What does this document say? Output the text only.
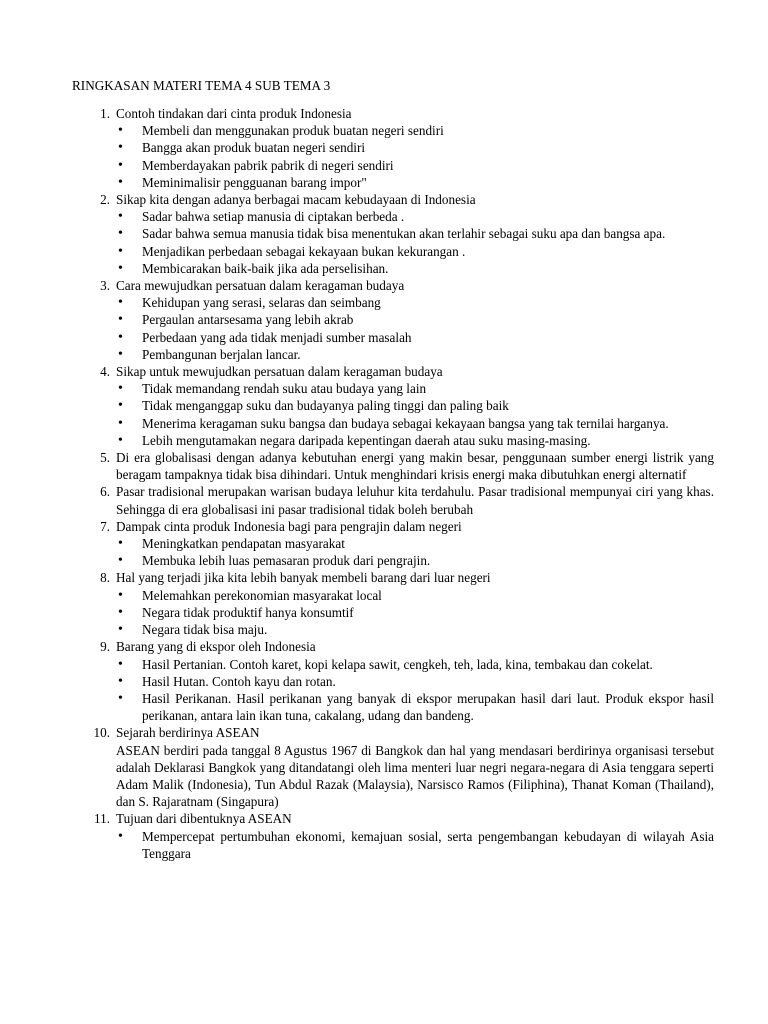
RINGKASAN MATERI TEMA 4 SUB TEMA 3
1. Contoh tindakan dari cinta produk Indonesia
• Membeli dan menggunakan produk buatan negeri sendiri
• Bangga akan produk buatan negeri sendiri
• Memberdayakan pabrik pabrik di negeri sendiri
• Meminimalisir pengguanan barang impor"
2. Sikap kita dengan adanya berbagai macam kebudayaan di Indonesia
• Sadar bahwa setiap manusia di ciptakan berbeda .
• Sadar bahwa semua manusia tidak bisa menentukan akan terlahir sebagai suku apa dan bangsa apa.
• Menjadikan perbedaan sebagai kekayaan bukan kekurangan .
• Membicarakan baik-baik jika ada perselisihan.
3. Cara mewujudkan persatuan dalam keragaman budaya
• Kehidupan yang serasi, selaras dan seimbang
• Pergaulan antarsesama yang lebih akrab
• Perbedaan yang ada tidak menjadi sumber masalah
• Pembangunan berjalan lancar.
4. Sikap untuk mewujudkan persatuan dalam keragaman budaya
• Tidak memandang rendah suku atau budaya yang lain
• Tidak menganggap suku dan budayanya paling tinggi dan paling baik
• Menerima keragaman suku bangsa dan budaya sebagai kekayaan bangsa yang tak ternilai harganya.
• Lebih mengutamakan negara daripada kepentingan daerah atau suku masing-masing.
5. Di era globalisasi dengan adanya kebutuhan energi yang makin besar, penggunaan sumber energi listrik yang beragam tampaknya tidak bisa dihindari. Untuk menghindari krisis energi maka dibutuhkan energi alternatif
6. Pasar tradisional merupakan warisan budaya leluhur kita terdahulu. Pasar tradisional mempunyai ciri yang khas. Sehingga di era globalisasi ini pasar tradisional tidak boleh berubah
7. Dampak cinta produk Indonesia bagi para pengrajin dalam negeri
• Meningkatkan pendapatan masyarakat
• Membuka lebih luas pemasaran produk dari pengrajin.
8. Hal yang terjadi jika kita lebih banyak membeli barang dari luar negeri
• Melemahkan perekonomian masyarakat local
• Negara tidak produktif hanya konsumtif
• Negara tidak bisa maju.
9. Barang yang di ekspor oleh Indonesia
• Hasil Pertanian. Contoh karet, kopi kelapa sawit, cengkeh, teh, lada, kina, tembakau dan cokelat.
• Hasil Hutan. Contoh kayu dan rotan.
• Hasil Perikanan. Hasil perikanan yang banyak di ekspor merupakan hasil dari laut. Produk ekspor hasil perikanan, antara lain ikan tuna, cakalang, udang dan bandeng.
10. Sejarah berdirinya ASEAN
ASEAN berdiri pada tanggal 8 Agustus 1967 di Bangkok dan hal yang mendasari berdirinya organisasi tersebut adalah Deklarasi Bangkok yang ditandatangi oleh lima menteri luar negri negara-negara di Asia tenggara seperti Adam Malik (Indonesia), Tun Abdul Razak (Malaysia), Narsisco Ramos (Filiphina), Thanat Koman (Thailand), dan S. Rajaratnam (Singapura)
11. Tujuan dari dibentuknya ASEAN
• Mempercepat pertumbuhan ekonomi, kemajuan sosial, serta pengembangan kebudayan di wilayah Asia Tenggara
